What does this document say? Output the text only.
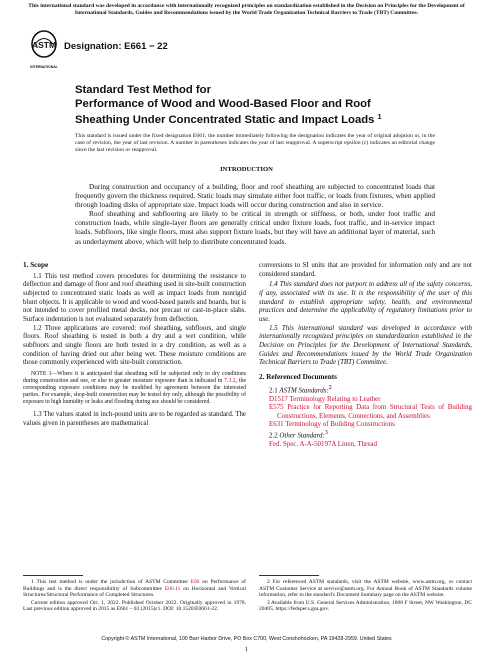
This international standard was developed in accordance with internationally recognized principles on standardization established in the Decision on Principles for the Development of International Standards, Guides and Recommendations issued by the World Trade Organization Technical Barriers to Trade (TBT) Committee.
ASTM
INTERNATIONAL
Designation: E661 − 22
Standard Test Method for
Performance of Wood and Wood-Based Floor and Roof
Sheathing Under Concentrated Static and Impact Loads $^1$
This standard is issued under the fixed designation E661; the number immediately following the designation indicates the year of original adoption or, in the case of revision, the year of last revision. A number in parentheses indicates the year of last reapproval. A superscript epsilon (ε) indicates an editorial change since the last revision or reapproval.
INTRODUCTION

During construction and occupancy of a building, floor and roof sheathing are subjected to concentrated loads that frequently govern the thickness required. Static loads may simulate either foot traffic, or loads from fixtures, when applied through loading disks of appropriate size. Impact loads will occur during construction and also in service.

Roof sheathing and subflooring are likely to be critical in strength or stiffness, or both, under foot traffic and construction loads, while single-layer floors are generally critical under fixture loads, foot traffic, and in-service impact loads. Subfloors, like single floors, must also support fixture loads, but they will have an additional layer of material, such as underlayment above, which will help to distribute concentrated loads.

1. Scope

1.1 This test method covers procedures for determining the resistance to deflection and damage of floor and roof sheathing used in site-built construction subjected to concentrated static loads as well as impact loads from nonrigid blunt objects. It is applicable to wood and wood-based panels and boards, but is not intended to cover profiled metal decks, nor precast or cast-in-place slabs. Surface indentation is not evaluated separately from deflection.

1.2 Three applications are covered: roof sheathing, subfloors, and single floors. Roof sheathing is tested in both a dry and a wet condition, while subfloors and single floors are both tested in a dry condition, as well as a condition of having dried out after being wet. These moisture conditions are those commonly experienced with site-built construction.

NOTE 1—Where it is anticipated that sheathing will be subjected only to dry conditions during construction and use, or else to greater moisture exposure than is indicated in 7.3.2, the corresponding exposure conditions may be modified by agreement between the interested parties. For example, shop-built construction may be tested dry only, although the possibility of exposure to high humidity or leaks and flooding during use should be considered.

1.3 The values stated in inch-pound units are to be regarded as standard. The values given in parentheses are mathematical

conversions to SI units that are provided for information only and are not considered standard.

1.4 This standard does not purport to address all of the safety concerns, if any, associated with its use. It is the responsibility of the user of this standard to establish appropriate safety, health, and environmental practices and determine the applicability of regulatory limitations prior to use.

1.5 This international standard was developed in accordance with internationally recognized principles on standardization established in the Decision on Principles for the Development of International Standards, Guides and Recommendations issued by the World Trade Organization Technical Barriers to Trade (TBT) Committee.

2. Referenced Documents

2.1 ASTM Standards:$^2$

D1517 Terminology Relating to Leather

E575 Practice for Reporting Data from Structural Tests of Building Constructions, Elements, Connections, and Assemblies

E631 Terminology of Building Constructions

2.2 Other Standard:$^3$

Fed. Spec. A-A-50197A Linen, Thread

1 This test method is under the jurisdiction of ASTM Committee E06 on Performance of Buildings and is the direct responsibility of Subcommittee E06.11 on Horizontal and Vertical Structures/Structural Performance of Completed Structures.

Current edition approved Oct. 1, 2022. Published October 2022. Originally approved in 1978. Last previous edition approved in 2015 as E661 – 03 (2015)ε1. DOI: 10.1520/E0661-22.

2 For referenced ASTM standards, visit the ASTM website, www.astm.org, or contact ASTM Customer Service at service@astm.org. For Annual Book of ASTM Standards volume information, refer to the standard's Document Summary page on the ASTM website.

3 Available from U.S. General Services Administration, 1800 F Street, NW Washington, DC 20405, https://fedspecs.gsa.gov.

Copyright © ASTM International, 100 Barr Harbor Drive, PO Box C700, West Conshohocken, PA 19428-2959. United States
1
